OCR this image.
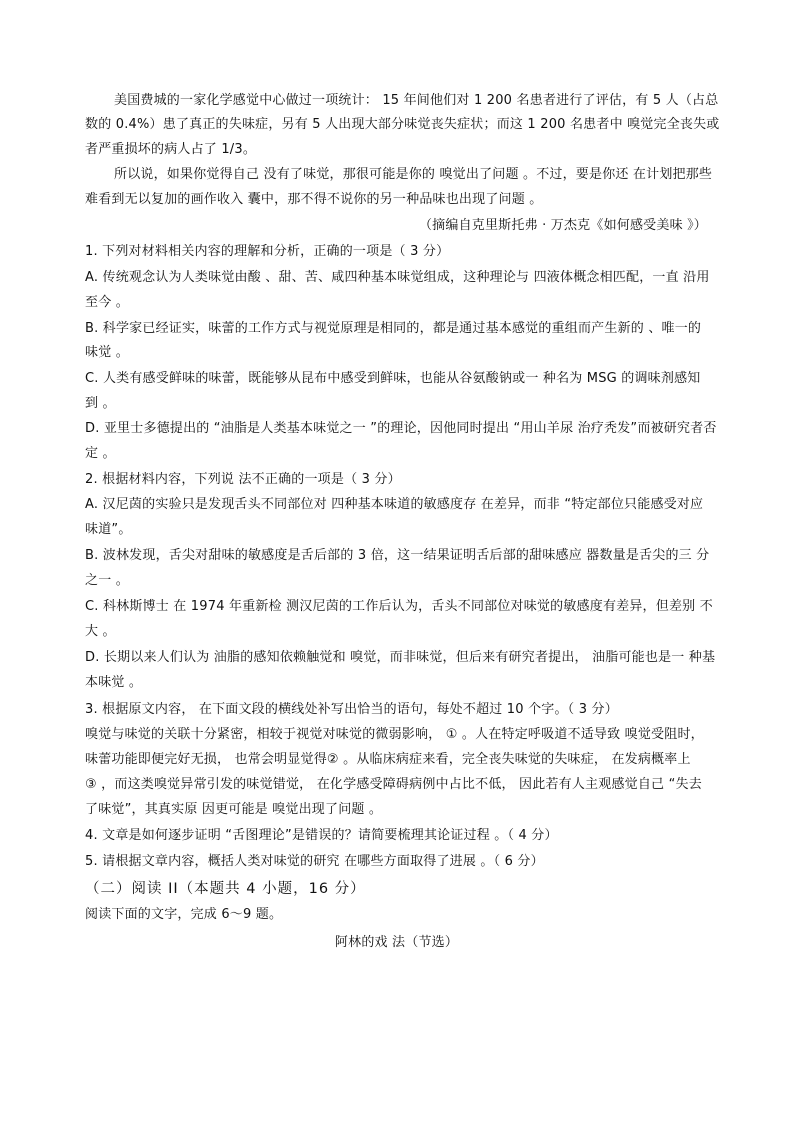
美国费城的一家化学感觉中心做过一项统计： 15 年间他们对 1 200 名患者进行了评估，有 5 人（占总
数的 0.4%）患了真正的失味症，另有 5 人出现大部分味觉丧失症状；而这 1 200 名患者中 嗅觉完全丧失或
者严重损坏的病人占了 1/3。
所以说，如果你觉得自己 没有了味觉，那很可能是你的 嗅觉出了问题 。不过，要是你还 在计划把那些
难看到无以复加的画作收入 囊中，那不得不说你的另一种品味也出现了问题 。
（摘编自克里斯托弗 · 万杰克《如何感受美味 》）
1. 下列对材料相关内容的理解和分析，正确的一项是（ 3 分）
A. 传统观念认为人类味觉由酸 、甜、苦、咸四种基本味觉组成，这种理论与 四液体概念相匹配，一直 沿用
至今 。
B. 科学家已经证实，味蕾的工作方式与视觉原理是相同的，都是通过基本感觉的重组而产生新的 、唯一的
味觉 。
C. 人类有感受鲜味的味蕾，既能够从昆布中感受到鲜味，也能从谷氨酸钠或一 种名为 MSG 的调味剂感知
到 。
D. 亚里士多德提出的 “油脂是人类基本味觉之一 ”的理论，因他同时提出 “用山羊尿 治疗秃发”而被研究者否
定 。
2. 根据材料内容，下列说 法不正确的一项是（ 3 分）
A. 汉尼茵的实验只是发现舌头不同部位对 四种基本味道的敏感度存 在差异，而非 “特定部位只能感受对应
味道”。
B. 波林发现，舌尖对甜味的敏感度是舌后部的 3 倍，这一结果证明舌后部的甜味感应 器数量是舌尖的三 分
之一 。
C. 科林斯博士 在 1974 年重新检 测汉尼茵的工作后认为，舌头不同部位对味觉的敏感度有差异，但差别 不
大 。
D. 长期以来人们认为 油脂的感知依赖触觉和 嗅觉，而非味觉，但后来有研究者提出， 油脂可能也是一 种基
本味觉 。
3. 根据原文内容， 在下面文段的横线处补写出恰当的语句，每处不超过 10 个字。（ 3 分）
嗅觉与味觉的关联十分紧密，相较于视觉对味觉的微弱影响， ① 。人在特定呼吸道不适导致 嗅觉受阻时，
味蕾功能即便完好无损， 也常会明显觉得② 。从临床病症来看，完全丧失味觉的失味症， 在发病概率上
③ ，而这类嗅觉异常引发的味觉错觉， 在化学感受障碍病例中占比不低， 因此若有人主观感觉自己 “失去
了味觉”，其真实原 因更可能是 嗅觉出现了问题 。
4. 文章是如何逐步证明 “舌图理论”是错误的？请简要梳理其论证过程 。（ 4 分）
5. 请根据文章内容，概括人类对味觉的研究 在哪些方面取得了进展 。（ 6 分）
（二）阅读 II（本题共 4 小题，16 分）
阅读下面的文字，完成 6～9 题。
阿林的戏 法（节选）
